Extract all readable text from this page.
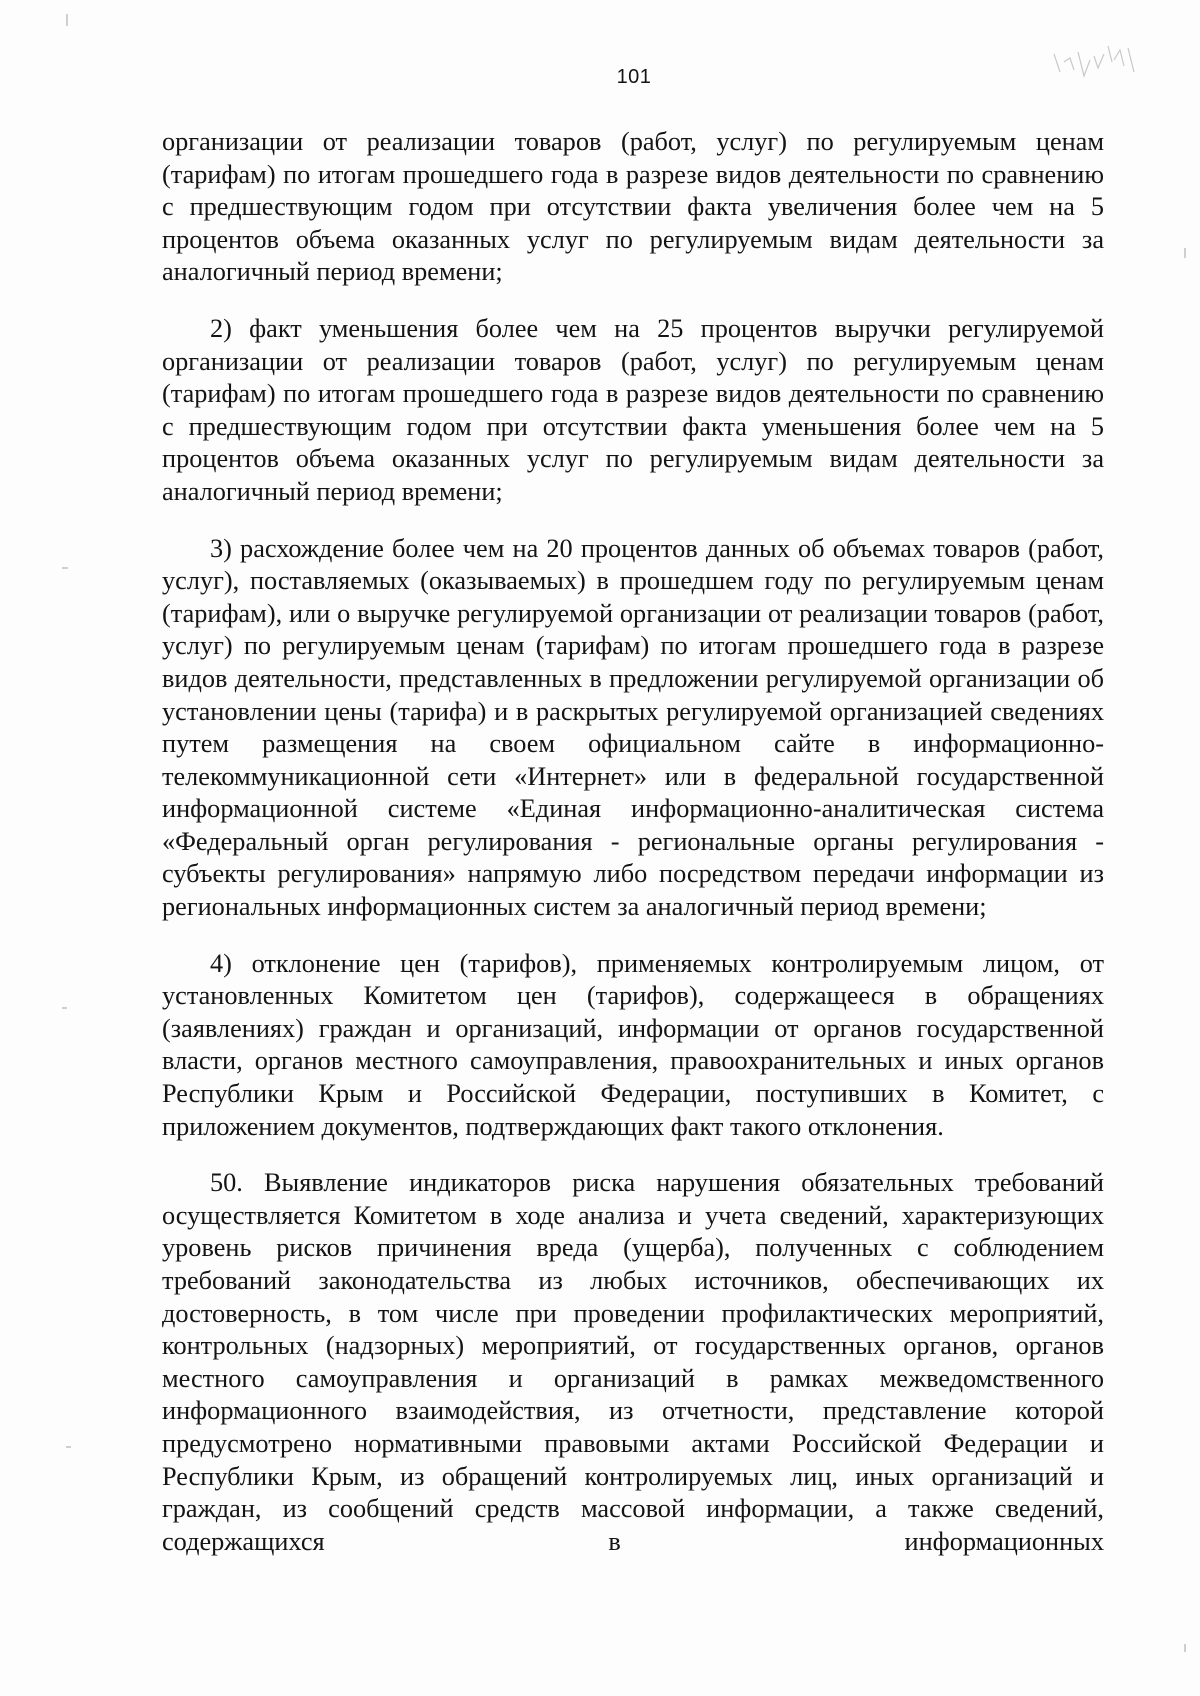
101

организации от реализации товаров (работ, услуг) по регулируемым ценам (тарифам) по итогам прошедшего года в разрезе видов деятельности по сравнению с предшествующим годом при отсутствии факта увеличения более чем на 5 процентов объема оказанных услуг по регулируемым видам деятельности за аналогичный период времени;

2) факт уменьшения более чем на 25 процентов выручки регулируемой организации от реализации товаров (работ, услуг) по регулируемым ценам (тарифам) по итогам прошедшего года в разрезе видов деятельности по сравнению с предшествующим годом при отсутствии факта уменьшения более чем на 5 процентов объема оказанных услуг по регулируемым видам деятельности за аналогичный период времени;

3) расхождение более чем на 20 процентов данных об объемах товаров (работ, услуг), поставляемых (оказываемых) в прошедшем году по регулируемым ценам (тарифам), или о выручке регулируемой организации от реализации товаров (работ, услуг) по регулируемым ценам (тарифам) по итогам прошедшего года в разрезе видов деятельности, представленных в предложении регулируемой организации об установлении цены (тарифа) и в раскрытых регулируемой организацией сведениях путем размещения на своем официальном сайте в информационно-телекоммуникационной сети «Интернет» или в федеральной государственной информационной системе «Единая информационно-аналитическая система «Федеральный орган регулирования - региональные органы регулирования - субъекты регулирования» напрямую либо посредством передачи информации из региональных информационных систем за аналогичный период времени;

4) отклонение цен (тарифов), применяемых контролируемым лицом, от установленных Комитетом цен (тарифов), содержащееся в обращениях (заявлениях) граждан и организаций, информации от органов государственной власти, органов местного самоуправления, правоохранительных и иных органов Республики Крым и Российской Федерации, поступивших в Комитет, с приложением документов, подтверждающих факт такого отклонения.

50. Выявление индикаторов риска нарушения обязательных требований осуществляется Комитетом в ходе анализа и учета сведений, характеризующих уровень рисков причинения вреда (ущерба), полученных с соблюдением требований законодательства из любых источников, обеспечивающих их достоверность, в том числе при проведении профилактических мероприятий, контрольных (надзорных) мероприятий, от государственных органов, органов местного самоуправления и организаций в рамках межведомственного информационного взаимодействия, из отчетности, представление которой предусмотрено нормативными правовыми актами Российской Федерации и Республики Крым, из обращений контролируемых лиц, иных организаций и граждан, из сообщений средств массовой информации, а также сведений, содержащихся в информационных
